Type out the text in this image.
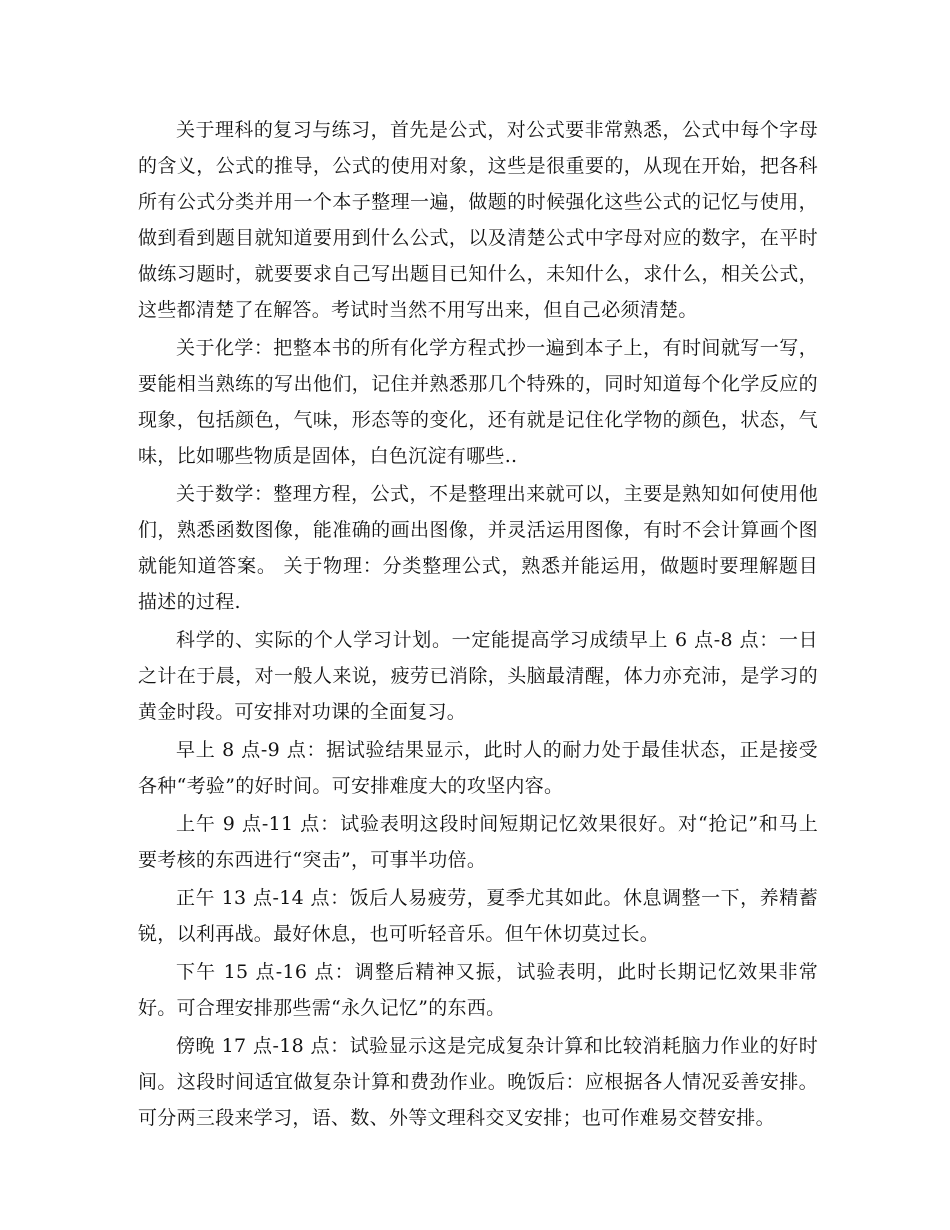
关于理科的复习与练习，首先是公式，对公式要非常熟悉，公式中每个字母的含义，公式的推导，公式的使用对象，这些是很重要的，从现在开始，把各科所有公式分类并用一个本子整理一遍，做题的时候强化这些公式的记忆与使用，做到看到题目就知道要用到什么公式，以及清楚公式中字母对应的数字，在平时做练习题时，就要要求自己写出题目已知什么，未知什么，求什么，相关公式，这些都清楚了在解答。考试时当然不用写出来，但自己必须清楚。

关于化学：把整本书的所有化学方程式抄一遍到本子上，有时间就写一写，要能相当熟练的写出他们，记住并熟悉那几个特殊的，同时知道每个化学反应的现象，包括颜色，气味，形态等的变化，还有就是记住化学物的颜色，状态，气味，比如哪些物质是固体，白色沉淀有哪些..

关于数学：整理方程，公式，不是整理出来就可以，主要是熟知如何使用他们，熟悉函数图像，能准确的画出图像，并灵活运用图像，有时不会计算画个图就能知道答案。 关于物理：分类整理公式，熟悉并能运用，做题时要理解题目描述的过程.

科学的、实际的个人学习计划。一定能提高学习成绩早上 6 点-8 点：一日之计在于晨，对一般人来说，疲劳已消除，头脑最清醒，体力亦充沛，是学习的黄金时段。可安排对功课的全面复习。

早上 8 点-9 点：据试验结果显示，此时人的耐力处于最佳状态，正是接受各种“考验”的好时间。可安排难度大的攻坚内容。

上午 9 点-11 点：试验表明这段时间短期记忆效果很好。对“抢记”和马上要考核的东西进行“突击”，可事半功倍。

正午 13 点-14 点：饭后人易疲劳，夏季尤其如此。休息调整一下，养精蓄锐，以利再战。最好休息，也可听轻音乐。但午休切莫过长。

下午 15 点-16 点：调整后精神又振，试验表明，此时长期记忆效果非常好。可合理安排那些需“永久记忆”的东西。

傍晚 17 点-18 点：试验显示这是完成复杂计算和比较消耗脑力作业的好时间。这段时间适宜做复杂计算和费劲作业。晚饭后：应根据各人情况妥善安排。可分两三段来学习，语、数、外等文理科交叉安排；也可作难易交替安排。
